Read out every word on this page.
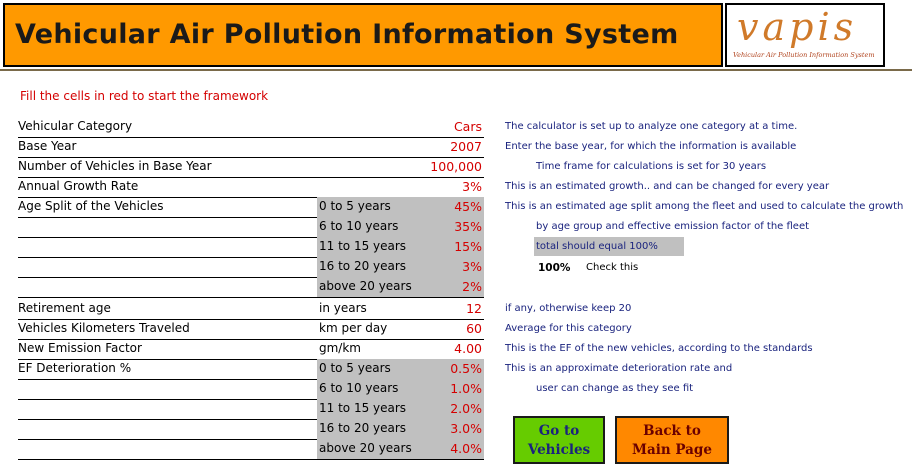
Vehicular Air Pollution Information System vapis
Vehicular Air Pollution Information System
Fill the cells in red to start the framework
Vehicular Category	Cars
Base Year	2007
Number of Vehicles in Base Year	100,000
Annual Growth Rate	3%
Age Split of the Vehicles	0 to 5 years	45%
6 to 10 years	35%
11 to 15 years	15%
16 to 20 years	3%
above 20 years	2%
Retirement age	in years	12
Vehicles Kilometers Traveled	km per day	60
New Emission Factor	gm/km	4.00
EF Deterioration %	0 to 5 years	0.5%
6 to 10 years	1.0%
11 to 15 years	2.0%
16 to 20 years	3.0%
above 20 years	4.0%
The calculator is set up to analyze one category at a time.
Enter the base year, for which the information is available
Time frame for calculations is set for 30 years
This is an estimated growth.. and can be changed for every year
This is an estimated age split among the fleet and used to calculate the growth
by age group and effective emission factor of the fleet
total should equal 100%
100% Check this
if any, otherwise keep 20
Average for this category
This is the EF of the new vehicles, according to the standards
This is an approximate deterioration rate and
user can change as they see fit
Go to
Vehicles
Back to
Main Page
